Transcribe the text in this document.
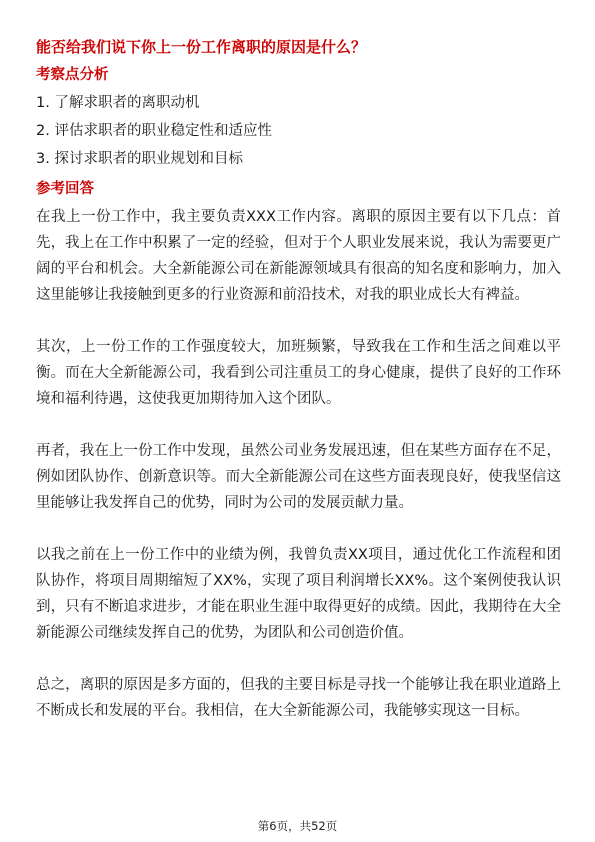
能否给我们说下你上一份工作离职的原因是什么？
考察点分析
1. 了解求职者的离职动机
2. 评估求职者的职业稳定性和适应性
3. 探讨求职者的职业规划和目标
参考回答

在我上一份工作中，我主要负责XXX工作内容。离职的原因主要有以下几点：首先，我上在工作中积累了一定的经验，但对于个人职业发展来说，我认为需要更广阔的平台和机会。大全新能源公司在新能源领域具有很高的知名度和影响力，加入这里能够让我接触到更多的行业资源和前沿技术，对我的职业成长大有裨益。

其次，上一份工作的工作强度较大，加班频繁，导致我在工作和生活之间难以平衡。而在大全新能源公司，我看到公司注重员工的身心健康，提供了良好的工作环境和福利待遇，这使我更加期待加入这个团队。

再者，我在上一份工作中发现，虽然公司业务发展迅速，但在某些方面存在不足，例如团队协作、创新意识等。而大全新能源公司在这些方面表现良好，使我坚信这里能够让我发挥自己的优势，同时为公司的发展贡献力量。

以我之前在上一份工作中的业绩为例，我曾负责XX项目，通过优化工作流程和团队协作，将项目周期缩短了XX%，实现了项目利润增长XX%。这个案例使我认识到，只有不断追求进步，才能在职业生涯中取得更好的成绩。因此，我期待在大全新能源公司继续发挥自己的优势，为团队和公司创造价值。

总之，离职的原因是多方面的，但我的主要目标是寻找一个能够让我在职业道路上不断成长和发展的平台。我相信，在大全新能源公司，我能够实现这一目标。

第6页，共52页
